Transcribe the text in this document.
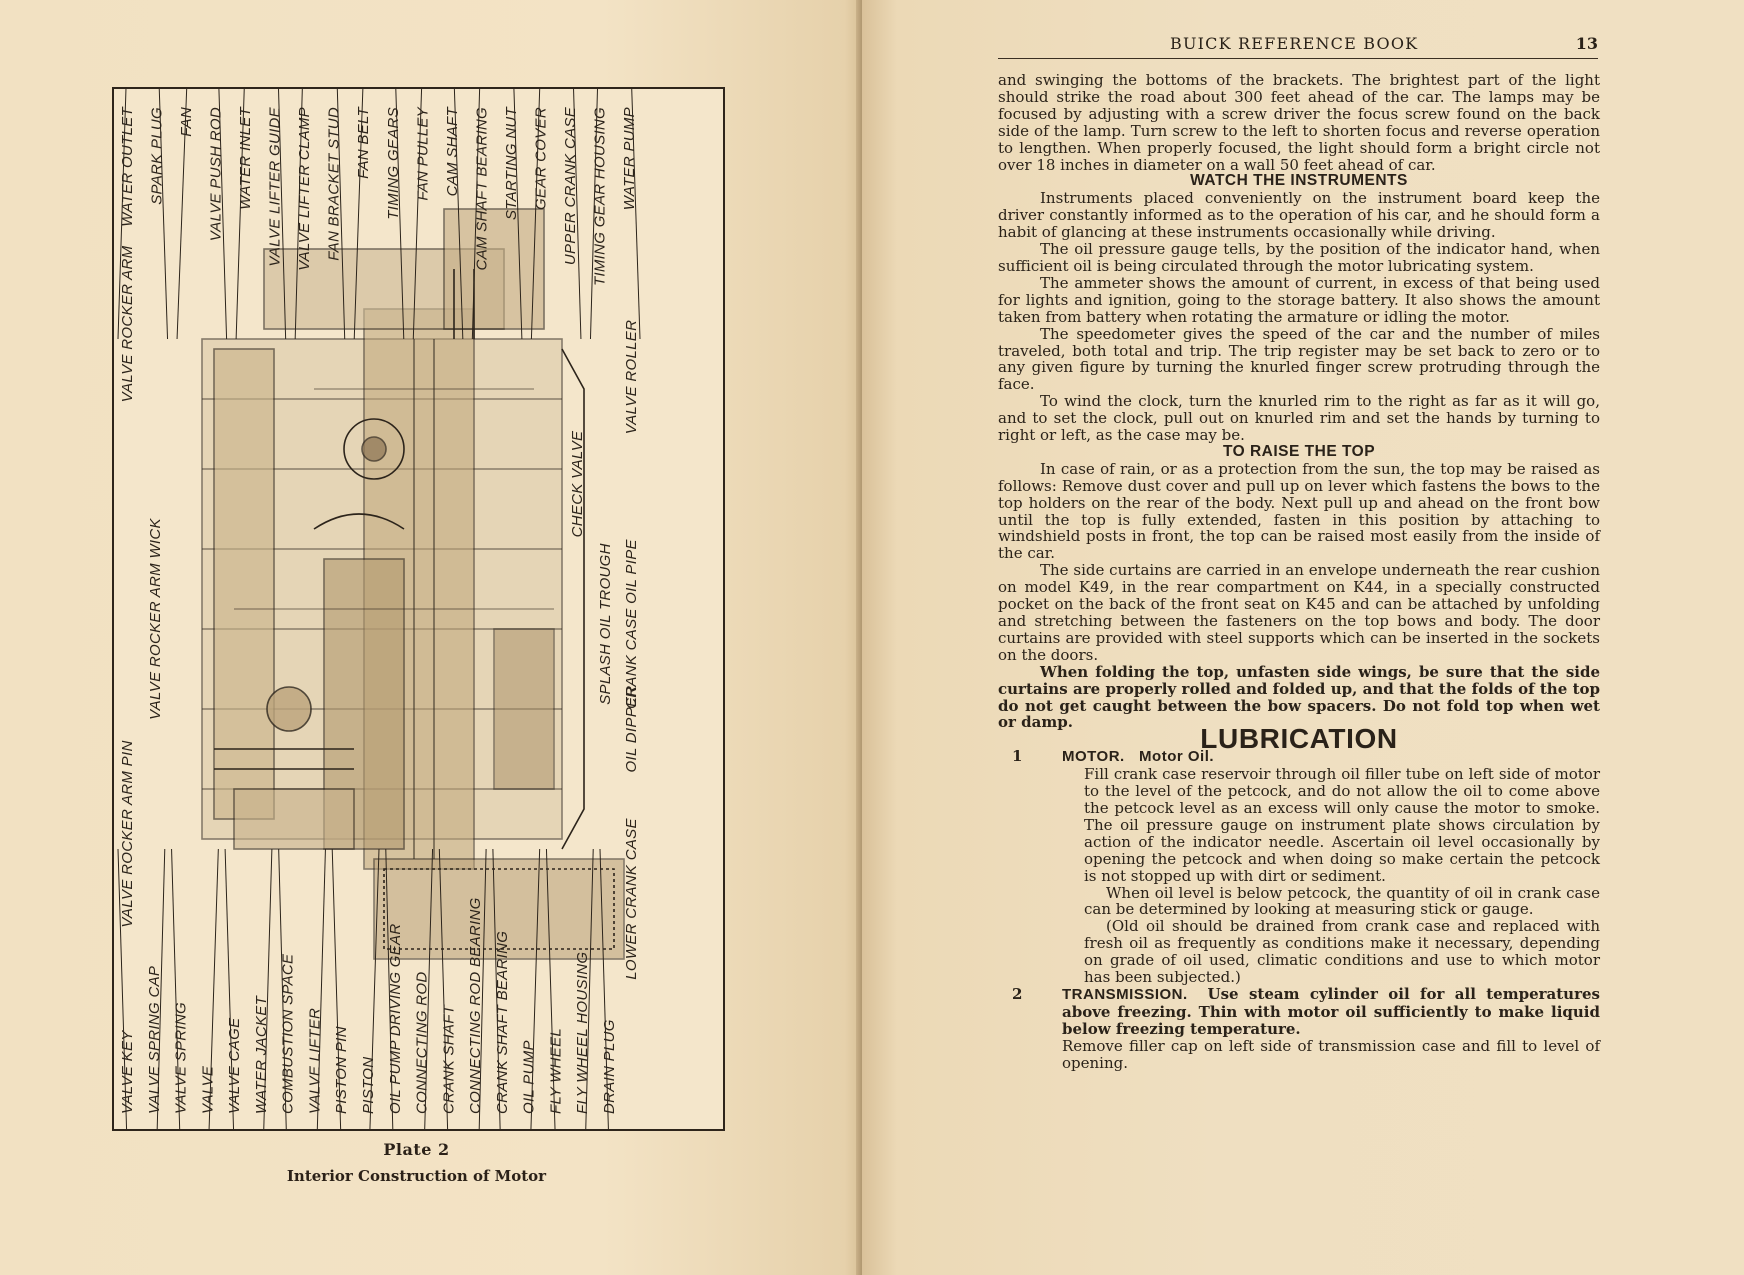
WATER OUTLET SPARK PLUG FAN VALVE PUSH ROD WATER INLET VALVE LIFTER GUIDE VALVE LIFTER CLAMP FAN BRACKET STUD FAN BELT TIMING GEARS FAN PULLEY CAM SHAFT CAM SHAFT BEARING STARTING NUT GEAR COVER UPPER CRANK CASE TIMING GEAR HOUSING WATER PUMP
VALVE KEY VALVE SPRING CAP VALVE SPRING VALVE VALVE CAGE WATER JACKET COMBUSTION SPACE VALVE LIFTER PISTON PIN PISTON OIL PUMP DRIVING GEAR CONNECTING ROD CRANK SHAFT CONNECTING ROD BEARING CRANK SHAFT BEARING OIL PUMP FLY WHEEL FLY WHEEL HOUSING DRAIN PLUG
VALVE ROCKER ARM
VALVE ROCKER ARM PIN
VALVE ROCKER ARM WICK
CHECK VALVE
SPLASH OIL TROUGH CRANK CASE OIL PIPE
VALVE ROLLER
OIL DIPPER
LOWER CRANK CASE
Plate 2
Interior Construction of Motor
BUICK REFERENCE BOOK	13

and swinging the bottoms of the brackets. The brightest part of the light should strike the road about 300 feet ahead of the car. The lamps may be focused by adjusting with a screw driver the focus screw found on the back side of the lamp. Turn screw to the left to shorten focus and reverse operation to lengthen. When properly focused, the light should form a bright circle not over 18 inches in diameter on a wall 50 feet ahead of car.

WATCH THE INSTRUMENTS

Instruments placed conveniently on the instrument board keep the driver constantly informed as to the operation of his car, and he should form a habit of glancing at these instruments occasionally while driving.

The oil pressure gauge tells, by the position of the indicator hand, when sufficient oil is being circulated through the motor lubricating system.

The ammeter shows the amount of current, in excess of that being used for lights and ignition, going to the storage battery. It also shows the amount taken from battery when rotating the armature or idling the motor.

The speedometer gives the speed of the car and the number of miles traveled, both total and trip. The trip register may be set back to zero or to any given figure by turning the knurled finger screw protruding through the face.

To wind the clock, turn the knurled rim to the right as far as it will go, and to set the clock, pull out on knurled rim and set the hands by turning to right or left, as the case may be.

TO RAISE THE TOP

In case of rain, or as a protection from the sun, the top may be raised as follows: Remove dust cover and pull up on lever which fastens the bows to the top holders on the rear of the body. Next pull up and ahead on the front bow until the top is fully extended, fasten in this position by attaching to windshield posts in front, the top can be raised most easily from the inside of the car.

The side curtains are carried in an envelope underneath the rear cushion on model K49, in the rear compartment on K44, in a specially constructed pocket on the back of the front seat on K45 and can be attached by unfolding and stretching between the fasteners on the top bows and body. The door curtains are provided with steel supports which can be inserted in the sockets on the doors.

When folding the top, unfasten side wings, be sure that the side curtains are properly rolled and folded up, and that the folds of the top do not get caught between the bow spacers. Do not fold top when wet or damp.

LUBRICATION

1	MOTOR. Motor Oil.

Fill crank case reservoir through oil filler tube on left side of motor to the level of the petcock, and do not allow the oil to come above the petcock level as an excess will only cause the motor to smoke. The oil pressure gauge on instrument plate shows circulation by action of the indicator needle. Ascertain oil level occasionally by opening the petcock and when doing so make certain the petcock is not stopped up with dirt or sediment.

When oil level is below petcock, the quantity of oil in crank case can be determined by looking at measuring stick or gauge.

(Old oil should be drained from crank case and replaced with fresh oil as frequently as conditions make it necessary, depending on grade of oil used, climatic conditions and use to which motor has been subjected.)

2	TRANSMISSION. Use steam cylinder oil for all temperatures above freezing. Thin with motor oil sufficiently to make liquid below freezing temperature.

Remove filler cap on left side of transmission case and fill to level of opening.
